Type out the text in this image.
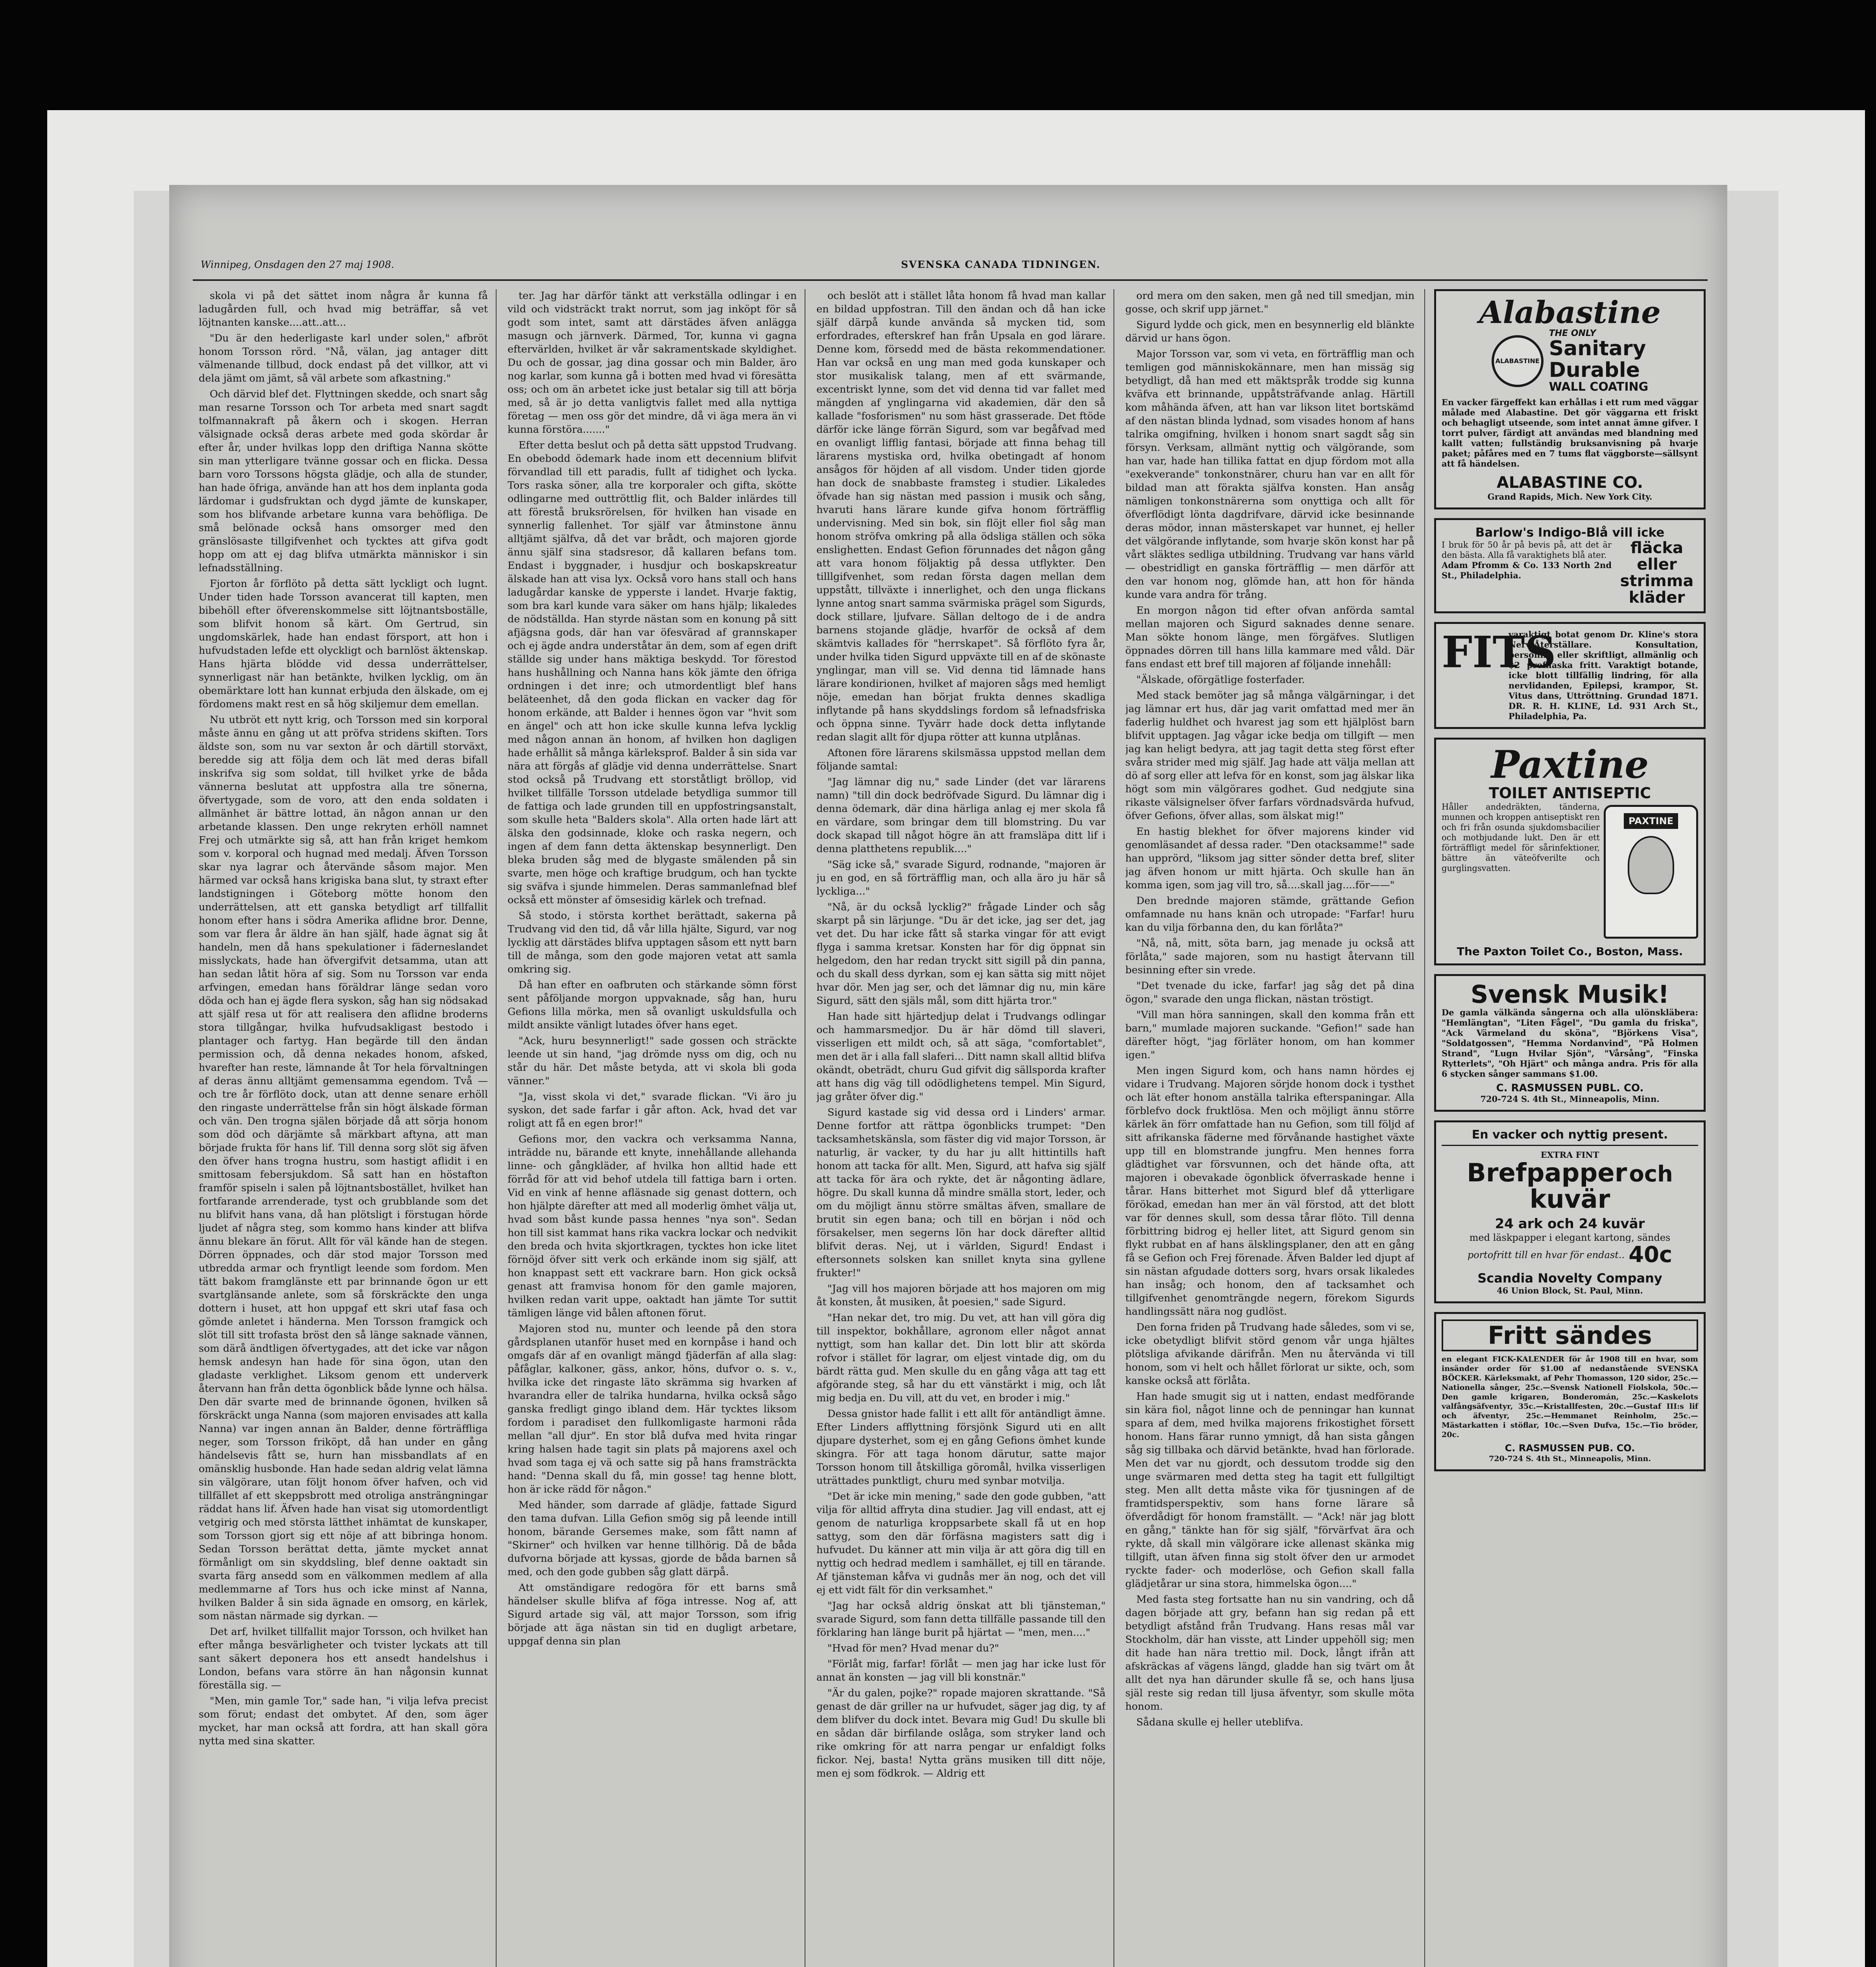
Winnipeg, Onsdagen den 27 maj 1908.	SVENSKA CANADA TIDNINGEN.

skola vi på det sättet inom några år kunna få ladugården full, och hvad mig beträffar, så vet löjtnanten kanske....att..att...

"Du är den hederligaste karl under solen," afbröt honom Torsson rörd. "Nå, välan, jag antager ditt välmenande tillbud, dock endast på det villkor, att vi dela jämt om jämt, så väl arbete som afkastning."

Och därvid blef det. Flyttningen skedde, och snart såg man resarne Torsson och Tor arbeta med snart sagdt tolfmannakraft på åkern och i skogen. Herran välsignade också deras arbete med goda skördar år efter år, under hvilkas lopp den driftiga Nanna skötte sin man ytterligare tvänne gossar och en flicka. Dessa barn voro Torssons högsta glädje, och alla de stunder, han hade öfriga, använde han att hos dem inplanta goda lärdomar i gudsfruktan och dygd jämte de kunskaper, som hos blifvande arbetare kunna vara behöfliga. De små belönade också hans omsorger med den gränslösaste tillgifvenhet och tycktes att gifva godt hopp om att ej dag blifva utmärkta människor i sin lefnadsställning.

Fjorton år förflöto på detta sätt lyckligt och lugnt. Under tiden hade Torsson avancerat till kapten, men bibehöll efter öfverenskommelse sitt löjtnantsboställe, som blifvit honom så kärt. Om Gertrud, sin ungdomskärlek, hade han endast försport, att hon i hufvudstaden lefde ett olyckligt och barnlöst äktenskap. Hans hjärta blödde vid dessa underrättelser, synnerligast när han betänkte, hvilken lycklig, om än obemärktare lott han kunnat erbjuda den älskade, om ej fördomens makt rest en så hög skiljemur dem emellan.

Nu utbröt ett nytt krig, och Torsson med sin korporal måste ännu en gång ut att pröfva stridens skiften. Tors äldste son, som nu var sexton år och därtill storväxt, beredde sig att följa dem och lät med deras bifall inskrifva sig som soldat, till hvilket yrke de båda vännerna beslutat att uppfostra alla tre sönerna, öfvertygade, som de voro, att den enda soldaten i allmänhet är bättre lottad, än någon annan ur den arbetande klassen. Den unge rekryten erhöll namnet Frej och utmärkte sig så, att han från kriget hemkom som v. korporal och hugnad med medalj. Äfven Torsson skar nya lagrar och återvände såsom major. Men härmed var också hans krigiska bana slut, ty straxt efter landstigningen i Göteborg mötte honom den underrättelsen, att ett ganska betydligt arf tillfallit honom efter hans i södra Amerika aflidne bror. Denne, som var flera år äldre än han själf, hade ägnat sig åt handeln, men då hans spekulationer i fäderneslandet misslyckats, hade han öfvergifvit detsamma, utan att han sedan låtit höra af sig. Som nu Torsson var enda arfvingen, emedan hans föräldrar länge sedan voro döda och han ej ägde flera syskon, såg han sig nödsakad att själf resa ut för att realisera den aflidne broderns stora tillgångar, hvilka hufvudsakligast bestodo i plantager och fartyg. Han begärde till den ändan permission och, då denna nekades honom, afsked, hvarefter han reste, lämnande åt Tor hela förvaltningen af deras ännu alltjämt gemensamma egendom. Två — och tre år förflöto dock, utan att denne senare erhöll den ringaste underrättelse från sin högt älskade förman och vän. Den trogna själen började då att sörja honom som död och därjämte så märkbart aftyna, att man började frukta för hans lif. Till denna sorg slöt sig äfven den öfver hans trogna hustru, som hastigt aflidit i en smittosam febersjukdom. Så satt han en höstafton framför spiseln i salen på löjtnantsbostället, hvilket han fortfarande arrenderade, tyst och grubblande som det nu blifvit hans vana, då han plötsligt i förstugan hörde ljudet af några steg, som kommo hans kinder att blifva ännu blekare än förut. Allt för väl kände han de stegen. Dörren öppnades, och där stod major Torsson med utbredda armar och fryntligt leende som fordom. Men tätt bakom framglänste ett par brinnande ögon ur ett svartglänsande anlete, som så förskräckte den unga dottern i huset, att hon uppgaf ett skri utaf fasa och gömde anletet i händerna. Men Torsson framgick och slöt till sitt trofasta bröst den så länge saknade vännen, som därå ändtligen öfvertygades, att det icke var någon hemsk andesyn han hade för sina ögon, utan den gladaste verklighet. Liksom genom ett underverk återvann han från detta ögonblick både lynne och hälsa. Den där svarte med de brinnande ögonen, hvilken så förskräckt unga Nanna (som majoren envisades att kalla Nanna) var ingen annan än Balder, denne förträffliga neger, som Torsson friköpt, då han under en gång händelsevis fått se, hurn han missbandlats af en omänsklig husbonde. Han hade sedan aldrig velat lämna sin välgörare, utan följt honom öfver hafven, och vid tillfället af ett skeppsbrott med otroliga ansträngningar räddat hans lif. Äfven hade han visat sig utomordentligt vetgirig och med största lätthet inhämtat de kunskaper, som Torsson gjort sig ett nöje af att bibringa honom. Sedan Torsson berättat detta, jämte mycket annat förmånligt om sin skyddsling, blef denne oaktadt sin svarta färg ansedd som en välkommen medlem af alla medlemmarne af Tors hus och icke minst af Nanna, hvilken Balder å sin sida ägnade en omsorg, en kärlek, som nästan närmade sig dyrkan. —

Det arf, hvilket tillfallit major Torsson, och hvilket han efter många besvärligheter och tvister lyckats att till sant säkert deponera hos ett ansedt handelshus i London, befans vara större än han någonsin kunnat föreställa sig. —

"Men, min gamle Tor," sade han, "i vilja lefva precist som förut; endast det ombytet. Af den, som äger mycket, har man också att fordra, att han skall göra nytta med sina skatter.

ter. Jag har därför tänkt att verkställa odlingar i en vild och vidsträckt trakt norrut, som jag inköpt för så godt som intet, samt att därstädes äfven anlägga masugn och järnverk. Därmed, Tor, kunna vi gagna eftervärlden, hvilket är vår sakramentskade skyldighet. Du och de gossar, jag dina gossar och min Balder, äro nog karlar, som kunna gå i botten med hvad vi föresätta oss; och om än arbetet icke just betalar sig till att börja med, så är jo detta vanligtvis fallet med alla nyttiga företag — men oss gör det mindre, då vi äga mera än vi kunna förstöra......."

Efter detta beslut och på detta sätt uppstod Trudvang. En obebodd ödemark hade inom ett decennium blifvit förvandlad till ett paradis, fullt af tidighet och lycka. Tors raska söner, alla tre korporaler och gifta, skötte odlingarne med outtröttlig flit, och Balder inlärdes till att förestå bruksrörelsen, för hvilken han visade en synnerlig fallenhet. Tor själf var åtminstone ännu alltjämt själfva, då det var brådt, och majoren gjorde ännu själf sina stadsresor, då kallaren befans tom. Endast i byggnader, i husdjur och boskapskreatur älskade han att visa lyx. Också voro hans stall och hans ladugårdar kanske de ypperste i landet. Hvarje faktig, som bra karl kunde vara säker om hans hjälp; likaledes de nödställda. Han styrde nästan som en konung på sitt afjägsna gods, där han var öfesvärad af grannskaper och ej ägde andra underståtar än dem, som af egen drift ställde sig under hans mäktiga beskydd. Tor förestod hans hushållning och Nanna hans kök jämte den öfriga ordningen i det inre; och utmordentligt blef hans beläteenhet, då den goda flickan en vacker dag för honom erkände, att Balder i hennes ögon var "hvit som en ängel" och att hon icke skulle kunna lefva lycklig med någon annan än honom, af hvilken hon dagligen hade erhållit så många kärleksprof. Balder å sin sida var nära att förgås af glädje vid denna underrättelse. Snart stod också på Trudvang ett storståtligt bröllop, vid hvilket tillfälle Torsson utdelade betydliga summor till de fattiga och lade grunden till en uppfostringsanstalt, som skulle heta "Balders skola". Alla orten hade lärt att älska den godsinnade, kloke och raska negern, och ingen af dem fann detta äktenskap besynnerligt. Den bleka bruden såg med de blygaste smälenden på sin svarte, men höge och kraftige brudgum, och han tyckte sig sväfva i sjunde himmelen. Deras sammanlefnad blef också ett mönster af ömsesidig kärlek och trefnad.

Så stodo, i största korthet berättadt, sakerna på Trudvang vid den tid, då vår lilla hjälte, Sigurd, var nog lycklig att därstädes blifva upptagen såsom ett nytt barn till de många, som den gode majoren vetat att samla omkring sig.

Då han efter en oafbruten och stärkande sömn först sent påföljande morgon uppvaknade, såg han, huru Gefions lilla mörka, men så ovanligt uskuldsfulla och mildt ansikte vänligt lutades öfver hans eget.

"Ack, huru besynnerligt!" sade gossen och sträckte leende ut sin hand, "jag drömde nyss om dig, och nu står du här. Det måste betyda, att vi skola bli goda vänner."

"Ja, visst skola vi det," svarade flickan. "Vi äro ju syskon, det sade farfar i går afton. Ack, hvad det var roligt att få en egen bror!"

Gefions mor, den vackra och verksamma Nanna, inträdde nu, bärande ett knyte, innehållande allehanda linne- och gångkläder, af hvilka hon alltid hade ett förråd för att vid behof utdela till fattiga barn i orten. Vid en vink af henne afläsnade sig genast dottern, och hon hjälpte därefter att med all moderlig ömhet välja ut, hvad som båst kunde passa hennes "nya son". Sedan hon till sist kammat hans rika vackra lockar och nedvikit den breda och hvita skjortkragen, tycktes hon icke litet förnöjd öfver sitt verk och erkände inom sig själf, att hon knappast sett ett vackrare barn. Hon gick också genast att framvisa honom för den gamle majoren, hvilken redan varit uppe, oaktadt han jämte Tor suttit tämligen länge vid bålen aftonen förut.

Majoren stod nu, munter och leende på den stora gårdsplanen utanför huset med en kornpåse i hand och omgafs där af en ovanligt mängd fjäderfän af alla slag: påfåglar, kalkoner, gäss, ankor, höns, dufvor o. s. v., hvilka icke det ringaste läto skrämma sig hvarken af hvarandra eller de talrika hundarna, hvilka också sågo ganska fredligt gingo ibland dem. Här tycktes liksom fordom i paradiset den fullkomligaste harmoni råda mellan "all djur". En stor blå dufva med hvita ringar kring halsen hade tagit sin plats på majorens axel och hvad som taga ej vä och satte sig på hans framsträckta hand: "Denna skall du få, min gosse! tag henne blott, hon är icke rädd för någon."

Med händer, som darrade af glädje, fattade Sigurd den tama dufvan. Lilla Gefion smög sig på leende intill honom, bärande Gersemes make, som fått namn af "Skirner" och hvilken var henne tillhörig. Då de båda dufvorna började att kyssas, gjorde de båda barnen så med, och den gode gubben såg glatt därpå.

Att omständigare redogöra för ett barns små händelser skulle blifva af föga intresse. Nog af, att Sigurd artade sig väl, att major Torsson, som ifrig började att äga nästan sin tid en dugligt arbetare, uppgaf denna sin plan

och beslöt att i stället låta honom få hvad man kallar en bildad uppfostran. Till den ändan och då han icke själf därpå kunde använda så mycken tid, som erfordrades, efterskref han från Upsala en god lärare. Denne kom, försedd med de bästa rekommendationer. Han var också en ung man med goda kunskaper och stor musikalisk talang, men af ett svärmande, excentriskt lynne, som det vid denna tid var fallet med mängden af ynglingarna vid akademien, där den så kallade "fosforismen" nu som häst grasserade. Det ftöde därför icke länge förrän Sigurd, som var begåfvad med en ovanligt lifflig fantasi, började att finna behag till lärarens mystiska ord, hvilka obetingadt af honom ansågos för höjden af all visdom. Under tiden gjorde han dock de snabbaste framsteg i studier. Likaledes öfvade han sig nästan med passion i musik och sång, hvaruti hans lärare kunde gifva honom förträfflig undervisning. Med sin bok, sin flöjt eller fiol såg man honom ströfva omkring på alla ödsliga ställen och söka enslighetten. Endast Gefion förunnades det någon gång att vara honom följaktig på dessa utflykter. Den tilllgifvenhet, som redan första dagen mellan dem uppstått, tillväxte i innerlighet, och den unga flickans lynne antog snart samma svärmiska prägel som Sigurds, dock stillare, ljufvare. Sällan deltogo de i de andra barnens stojande glädje, hvarför de också af dem skämtvis kallades för "herrskapet". Så förflöto fyra år, under hvilka tiden Sigurd uppväxte till en af de skönaste ynglingar, man vill se. Vid denna tid lämnade hans lärare kondirionen, hvilket af majoren sågs med hemligt nöje, emedan han börjat frukta dennes skadliga inflytande på hans skyddslings fordom så lefnadsfriska och öppna sinne. Tyvärr hade dock detta inflytande redan slagit allt för djupa rötter att kunna utplånas.

Aftonen före lärarens skilsmässa uppstod mellan dem följande samtal:

"Jag lämnar dig nu," sade Linder (det var lärarens namn) "till din dock bedröfvade Sigurd. Du lämnar dig i denna ödemark, där dina härliga anlag ej mer skola få en värdare, som bringar dem till blomstring. Du var dock skapad till något högre än att framsläpa ditt lif i denna platthetens republik...."

"Säg icke så," svarade Sigurd, rodnande, "majoren är ju en god, en så förträfflig man, och alla äro ju här så lyckliga..."

"Nå, är du också lycklig?" frågade Linder och såg skarpt på sin lärjunge. "Du är det icke, jag ser det, jag vet det. Du har icke fått så starka vingar för att evigt flyga i samma kretsar. Konsten har för dig öppnat sin helgedom, den har redan tryckt sitt sigill på din panna, och du skall dess dyrkan, som ej kan sätta sig mitt nöjet hvar dör. Men jag ser, och det lämnar dig nu, min käre Sigurd, sätt den själs mål, som ditt hjärta tror."

Han hade sitt hjärtedjup delat i Trudvangs odlingar och hammarsmedjor. Du är här dömd till slaveri, visserligen ett mildt och, så att säga, "comfortablet", men det är i alla fall slaferi... Ditt namn skall alltid blifva okändt, obeträdt, churu Gud gifvit dig sällsporda krafter att hans dig väg till odödlighetens tempel. Min Sigurd, jag gråter öfver dig."

Sigurd kastade sig vid dessa ord i Linders' armar. Denne fortfor att rättpa ögonblicks trumpet: "Den tacksamhetskänsla, som fäster dig vid major Torsson, är naturlig, är vacker, ty du har ju allt hittintills haft honom att tacka för allt. Men, Sigurd, att hafva sig själf att tacka för ära och rykte, det är någonting ädlare, högre. Du skall kunna då mindre smälla stort, leder, och om du möjligt ännu större smältas äfven, smallare de brutit sin egen bana; och till en början i nöd och försakelser, men segerns lön har dock därefter alltid blifvit deras. Nej, ut i världen, Sigurd! Endast i eftersonnets solsken kan snillet knyta sina gyllene frukter!"

"Jag vill hos majoren började att hos majoren om mig åt konsten, åt musiken, åt poesien," sade Sigurd.

"Han nekar det, tro mig. Du vet, att han vill göra dig till inspektor, bokhållare, agronom eller något annat nyttigt, som han kallar det. Din lott blir att skörda rofvor i stället för lagrar, om eljest vintade dig, om du bärdt rätta gud. Men skulle du en gång våga att tag ett afgörande steg, så har du ett vänstärkt i mig, och låt mig bedja en. Du vill, att du vet, en broder i mig."

Dessa gnistor hade fallit i ett allt för antändligt ämne. Efter Linders afflyttning försjönk Sigurd uti en allt djupare dysterhet, som ej en gång Gefions ömhet kunde skingra. För att taga honom därutur, satte major Torsson honom till åtskilliga göromål, hvilka visserligen uträttades punktligt, churu med synbar motvilja.

"Det är icke min mening," sade den gode gubben, "att vilja för alltid affryta dina studier. Jag vill endast, att ej genom de naturliga kroppsarbete skall få ut en hop sattyg, som den där förfäsna magisters satt dig i hufvudet. Du känner att min vilja är att göra dig till en nyttig och hedrad medlem i samhället, ej till en tärande. Af tjänsteman kåfva vi gudnås mer än nog, och det vill ej ett vidt fält för din verksamhet."

"Jag har också aldrig önskat att bli tjänsteman," svarade Sigurd, som fann detta tillfälle passande till den förklaring han länge burit på hjärtat — "men, men...."

"Hvad för men? Hvad menar du?"

"Förlåt mig, farfar! förlåt — men jag har icke lust för annat än konsten — jag vill bli konstnär."

"Är du galen, pojke?" ropade majoren skrattande. "Så genast de där griller na ur hufvudet, säger jag dig, ty af dem blifver du dock intet. Bevara mig Gud! Du skulle bli en sådan där birfilande oslåga, som stryker land och rike omkring för att narra pengar ur enfaldigt folks fickor. Nej, basta! Nytta gräns musiken till ditt nöje, men ej som födkrok. — Aldrig ett

ord mera om den saken, men gå ned till smedjan, min gosse, och skrif upp järnet."

Sigurd lydde och gick, men en besynnerlig eld blänkte därvid ur hans ögon.

Major Torsson var, som vi veta, en förträfflig man och temligen god människokännare, men han missäg sig betydligt, då han med ett mäktspråk trodde sig kunna kväfva ett brinnande, uppåtsträfvande anlag. Härtill kom måhända äfven, att han var likson litet bortskämd af den nästan blinda lydnad, som visades honom af hans talrika omgifning, hvilken i honom snart sagdt såg sin försyn. Verksam, allmänt nyttig och välgörande, som han var, hade han tillika fattat en djup fördom mot alla "exekverande" tonkonstnärer, churu han var en allt för bildad man att förakta själfva konsten. Han ansåg nämligen tonkonstnärerna som onyttiga och allt för öfverflödigt lönta dagdrifvare, därvid icke besinnande deras mödor, innan mästerskapet var hunnet, ej heller det välgörande inflytande, som hvarje skön konst har på vårt släktes sedliga utbildning. Trudvang var hans värld — obestridligt en ganska förträfflig — men därför att den var honom nog, glömde han, att hon för hända kunde vara andra för trång.

En morgon någon tid efter ofvan anförda samtal mellan majoren och Sigurd saknades denne senare. Man sökte honom länge, men förgäfves. Slutligen öppnades dörren till hans lilla kammare med våld. Där fans endast ett bref till majoren af följande innehåll:

"Älskade, oförgätlige fosterfader.

Med stack bemöter jag så många välgärningar, i det jag lämnar ert hus, där jag varit omfattad med mer än faderlig huldhet och hvarest jag som ett hjälplöst barn blifvit upptagen. Jag vågar icke bedja om tillgift — men jag kan heligt bedyra, att jag tagit detta steg först efter svåra strider med mig själf. Jag hade att välja mellan att dö af sorg eller att lefva för en konst, som jag älskar lika högt som min välgörares godhet. Gud nedgjute sina rikaste välsignelser öfver farfars vördnadsvärda hufvud, öfver Gefions, öfver allas, som älskat mig!"

En hastig blekhet for öfver majorens kinder vid genomläsandet af dessa rader. "Den otacksamme!" sade han upprörd, "liksom jag sitter sönder detta bref, sliter jag äfven honom ur mitt hjärta. Och skulle han än komma igen, som jag vill tro, så....skall jag....för——"

Den brednde majoren stämde, grättande Gefion omfamnade nu hans knän och utropade: "Farfar! huru kan du vilja förbanna den, du kan förlåta?"

"Nå, nå, mitt, söta barn, jag menade ju också att förlåta," sade majoren, som nu hastigt återvann till besinning efter sin vrede.

"Det tvenade du icke, farfar! jag såg det på dina ögon," svarade den unga flickan, nästan tröstigt.

"Vill man höra sanningen, skall den komma från ett barn," mumlade majoren suckande. "Gefion!" sade han därefter högt, "jag förläter honom, om han kommer igen."

Men ingen Sigurd kom, och hans namn hördes ej vidare i Trudvang. Majoren sörjde honom dock i tysthet och lät efter honom anställa talrika efterspaningar. Alla förblefvo dock fruktlösa. Men och möjligt ännu större kärlek än förr omfattade han nu Gefion, som till följd af sitt afrikanska fäderne med förvånande hastighet växte upp till en blomstrande jungfru. Men hennes forra glädtighet var försvunnen, och det hände ofta, att majoren i obevakade ögonblick öfverraskade henne i tårar. Hans bitterhet mot Sigurd blef då ytterligare förökad, emedan han mer än väl förstod, att det blott var för dennes skull, som dessa tårar flöto. Till denna förbittring bidrog ej heller litet, att Sigurd genom sin flykt rubbat en af hans älsklingsplaner, den att en gång få se Gefion och Frej förenade. Äfven Balder led djupt af sin nästan afgudade dotters sorg, hvars orsak likaledes han insåg; och honom, den af tacksamhet och tillgifvenhet genomträngde negern, förekom Sigurds handlingssätt nära nog gudlöst.

Den forna friden på Trudvang hade således, som vi se, icke obetydligt blifvit störd genom vår unga hjältes plötsliga afvikande därifrån. Men nu återvända vi till honom, som vi helt och hållet förlorat ur sikte, och, som kanske också att förlåta.

Han hade smugit sig ut i natten, endast medförande sin kära fiol, något linne och de penningar han kunnat spara af dem, med hvilka majorens frikostighet försett honom. Hans färar runno ymnigt, då han sista gången såg sig tillbaka och därvid betänkte, hvad han förlorade. Men det var nu gjordt, och dessutom trodde sig den unge svärmaren med detta steg ha tagit ett fullgiltigt steg. Men allt detta måste vika för tjusningen af de framtidsperspektiv, som hans forne lärare så öfverdådigt för honom framställt. — "Ack! när jag blott en gång," tänkte han för sig själf, "förvärfvat ära och rykte, då skall min välgörare icke allenast skänka mig tillgift, utan äfven finna sig stolt öfver den ur armodet ryckte fader- och moderlöse, och Gefion skall falla glädjetårar ur sina stora, himmelska ögon...."

Med fasta steg fortsatte han nu sin vandring, och då dagen började att gry, befann han sig redan på ett betydligt afstånd från Trudvang. Hans resas mål var Stockholm, där han visste, att Linder uppehöll sig; men dit hade han nära trettio mil. Dock, långt ifrån att afskräckas af vägens längd, gladde han sig tvärt om åt allt det nya han därunder skulle få se, och hans ljusa själ reste sig redan till ljusa äfventyr, som skulle möta honom.

Sådana skulle ej heller uteblifva.

Alabastine
ALABASTINE
THE ONLY
Sanitary
Durable
WALL COATING
En vacker färgeffekt kan erhållas i ett rum med väggar målade med Alabastine. Det gör väggarna ett friskt och behagligt utseende, som intet annat ämne gifver. I torrt pulver, färdigt att användas med blandning med kallt vatten; fullständig bruksanvisning på hvarje paket; påfåres med en 7 tums flat väggborste—sällsynt att få händelsen.
ALABASTINE CO.
Grand Rapids, Mich. New York City.
Barlow's Indigo-Blå vill icke
I bruk för 50 år på bevis på, att det är den bästa. Alla få varaktighets blå ater.
Adam Pfromm & Co. 133 North 2nd St., Philadelphia.
fläcka eller strimma kläder
FITS
varaktigt botat genom Dr. Kline's stora Nerv-Återställare. Konsultation, personlig eller skriftligt, allmänlig och $2 profflaska fritt. Varaktigt botande, icke blott tillfällig lindring, för alla nervlidanden, Epilepsi, krampor, St. Vitus dans, Uttröttning. Grundad 1871. DR. R. H. KLINE, Ld. 931 Arch St., Philadelphia, Pa.
Paxtine
TOILET ANTISEPTIC
Håller andedräkten, tänderna, munnen och kroppen antiseptiskt ren och fri från osunda sjukdomsbacilier och motbjudande lukt. Den är ett förträffligt medel för sårinfektioner, bättre än väteöfverilte och gurglingsvatten.
PAXTINE
The Paxton Toilet Co., Boston, Mass.
Svensk Musik!
De gamla välkända sångerna och alla ulönskläbera: "Hemlängtan", "Liten Fågel", "Du gamla du friska", "Ack Värmeland du sköna", "Björkens Visa", "Soldatgossen", "Hemma Nordanvind", "På Holmen Strand", "Lugn Hvilar Sjön", "Vårsång", "Finska Rytterlets", "Oh Hjärt" och många andra. Pris för alla 6 stycken sånger sammans $1.00.
C. RASMUSSEN PUBL. CO.
720-724 S. 4th St., Minneapolis, Minn.
En vacker och nyttig present.
EXTRA FINT
Brefpapper och
kuvär
24 ark och 24 kuvär
med läskpapper i elegant kartong, sändes
portofritt till en hvar för endast.. 40c
Scandia Novelty Company
46 Union Block, St. Paul, Minn.
Fritt sändes
en elegant FICK-KALENDER för år 1908 till en hvar, som insänder order för $1.00 af nedanstående SVENSKA BÖCKER. Kärleksmakt, af Pehr Thomasson, 120 sidor, 25c.—Nationella sånger, 25c.—Svensk Nationell Fiolskola, 50c.—Den gamle krigaren, Bonderomán, 25c.—Kaskelots valfångsäfventyr, 35c.—Kristallfesten, 20c.—Gustaf III:s lif och äfventyr, 25c.—Hemmanet Reinholm, 25c.—Mästarkatten i stöflar, 10c.—Sven Dufva, 15c.—Tio bröder, 20c.
C. RASMUSSEN PUB. CO.
720-724 S. 4th St., Minneapolis, Minn.
